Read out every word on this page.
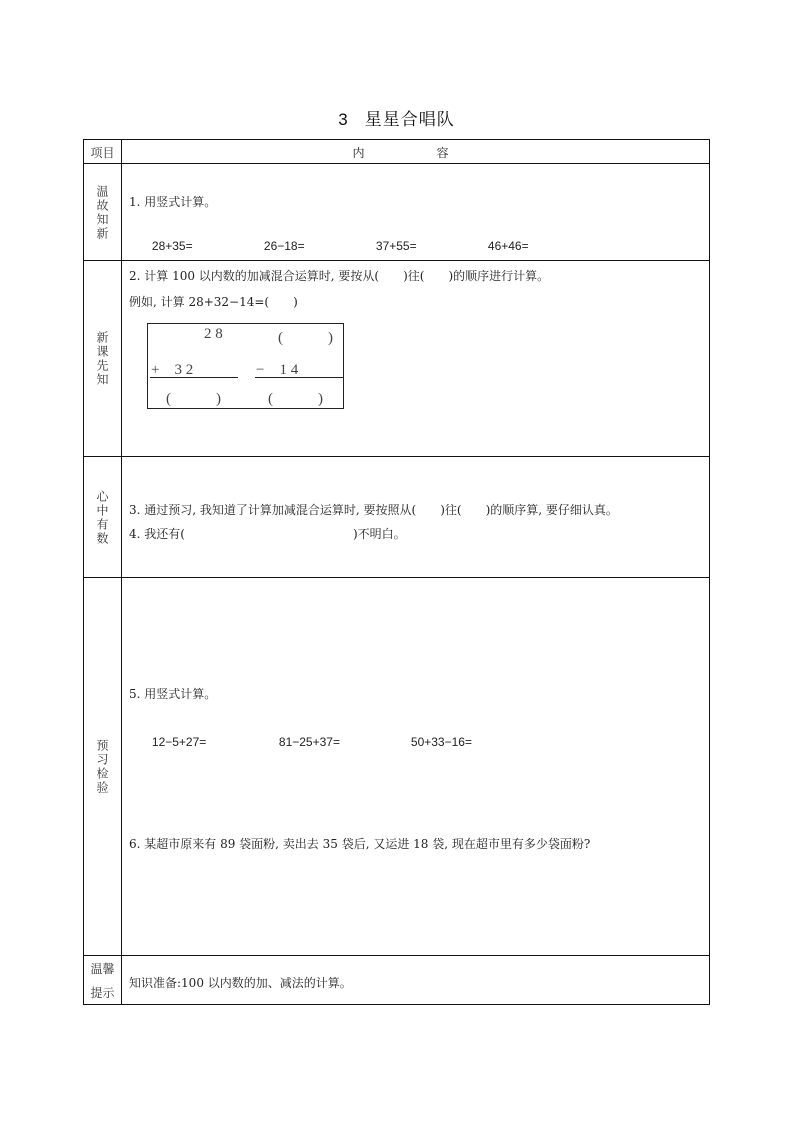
3 星星合唱队
项目	内　容
温故知新 1. 用竖式计算。

28+35=	26−18=	37+55=	46+46=

新课先知
2. 计算 100 以内数的加减混合运算时, 要按从(　　)往(　　)的顺序进行计算。
例如, 计算 28+32−14=(　　)
2 8	(　　　)
+　3 2	−　1 4
(　　　)	(　　　)
心中有数 3. 通过预习, 我知道了计算加减混合运算时, 要按照从(　　)往(　　)的顺序算, 要仔细认真。
4. 我还有(　　　　　　　　　　　　　　)不明白。
预习检验
5. 用竖式计算。

12−5+27=	81−25+37=	50+33−16=

6. 某超市原来有 89 袋面粉, 卖出去 35 袋后, 又运进 18 袋, 现在超市里有多少袋面粉?
温馨
提示
知识准备:100 以内数的加、减法的计算。
